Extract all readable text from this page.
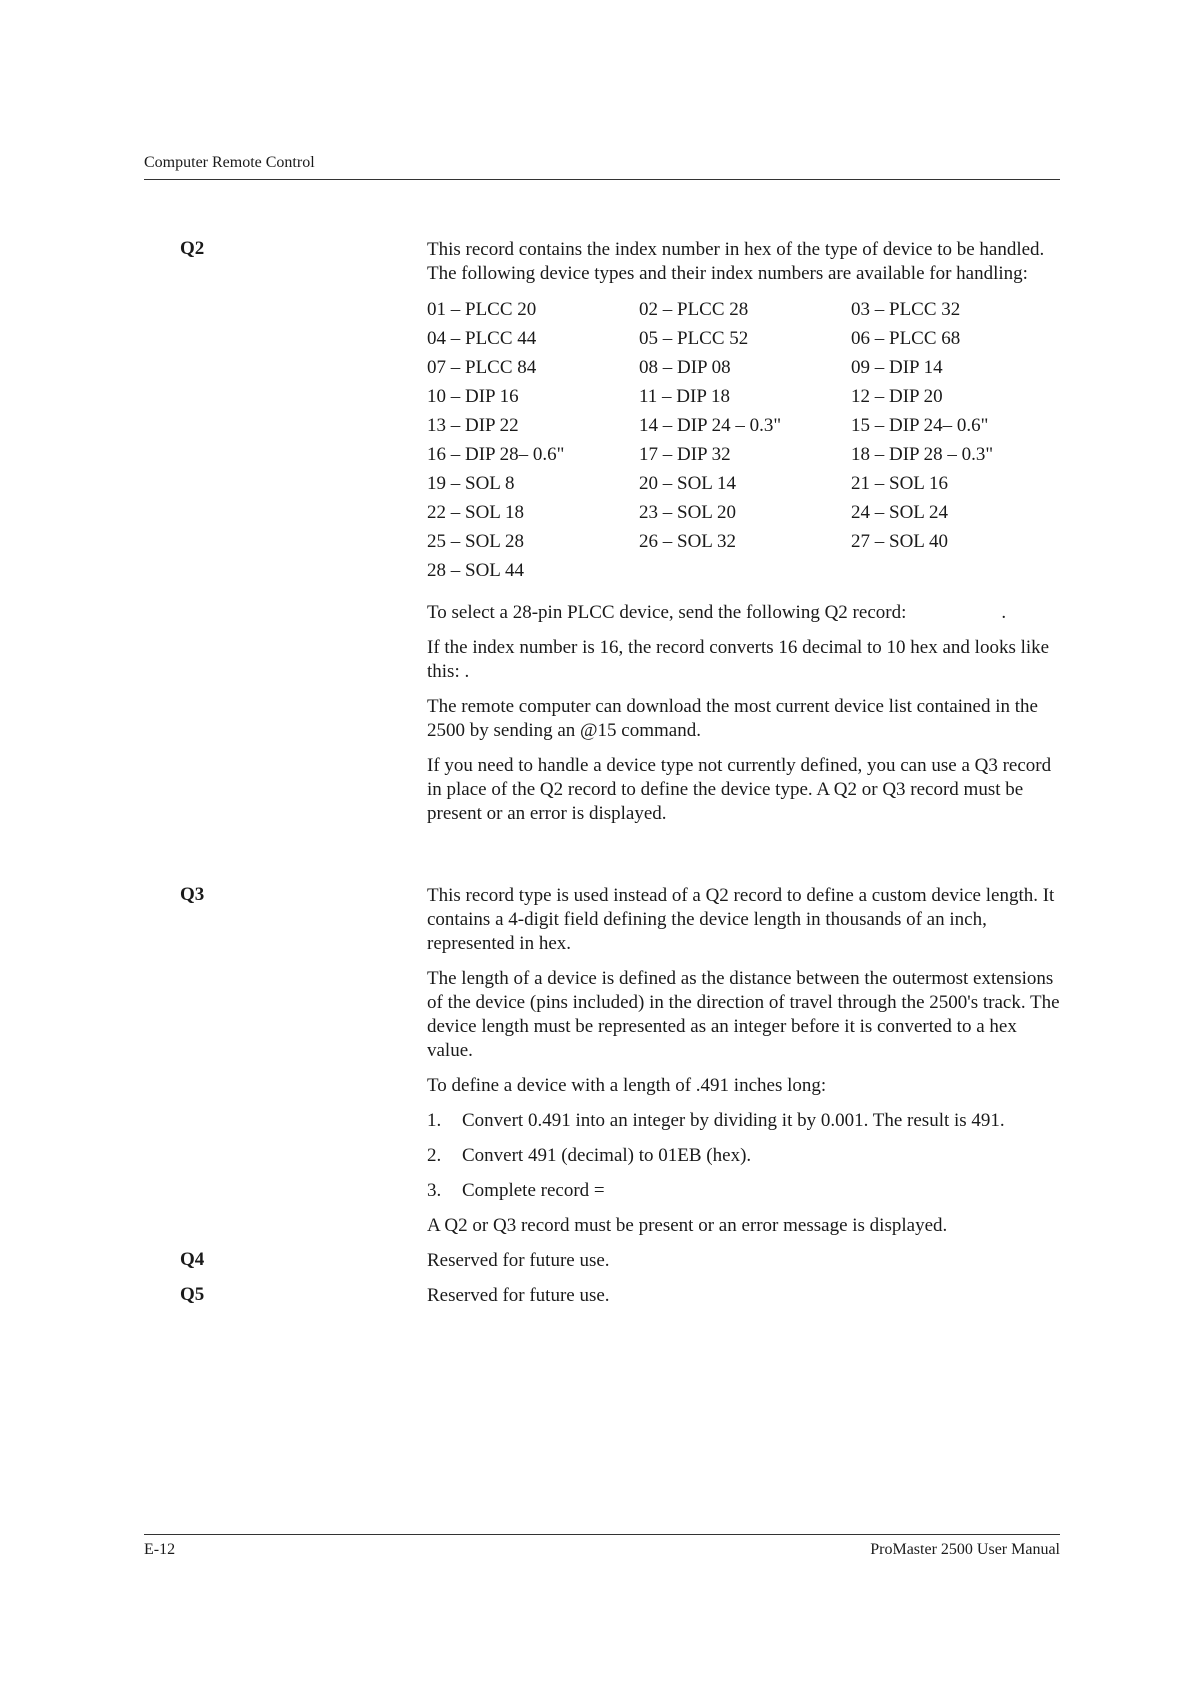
Computer Remote Control
Q2	This record contains the index number in hex of the type of device to be handled. The following device types and their index numbers are available for handling:

01 – PLCC 20	02 – PLCC 28	03 – PLCC 32
04 – PLCC 44	05 – PLCC 52	06 – PLCC 68
07 – PLCC 84	08 – DIP 08	09 – DIP 14
10 – DIP 16	11 – DIP 18	12 – DIP 20
13 – DIP 22	14 – DIP 24 – 0.3"	15 – DIP 24– 0.6"
16 – DIP 28– 0.6"	17 – DIP 32	18 – DIP 28 – 0.3"
19 – SOL 8	20 – SOL 14	21 – SOL 16
22 – SOL 18	23 – SOL 20	24 – SOL 24
25 – SOL 28	26 – SOL 32	27 – SOL 40
28 – SOL 44

To select a 28-pin PLCC device, send the following Q2 record:                    .

If the index number is 16, the record converts 16 decimal to 10 hex and looks like this: .

The remote computer can download the most current device list contained in the 2500 by sending an @15 command.

If you need to handle a device type not currently defined, you can use a Q3 record in place of the Q2 record to define the device type. A Q2 or Q3 record must be present or an error is displayed.

Q3	This record type is used instead of a Q2 record to define a custom device length. It contains a 4-digit field defining the device length in thousands of an inch, represented in hex.

The length of a device is defined as the distance between the outermost extensions of the device (pins included) in the direction of travel through the 2500's track. The device length must be represented as an integer before it is converted to a hex value.

To define a device with a length of .491 inches long:

1.	Convert 0.491 into an integer by dividing it by 0.001. The result is 491.
2.	Convert 491 (decimal) to 01EB (hex).
3.	Complete record =

A Q2 or Q3 record must be present or an error message is displayed.

Q4	Reserved for future use.
Q5	Reserved for future use.
E-12	ProMaster 2500 User Manual
